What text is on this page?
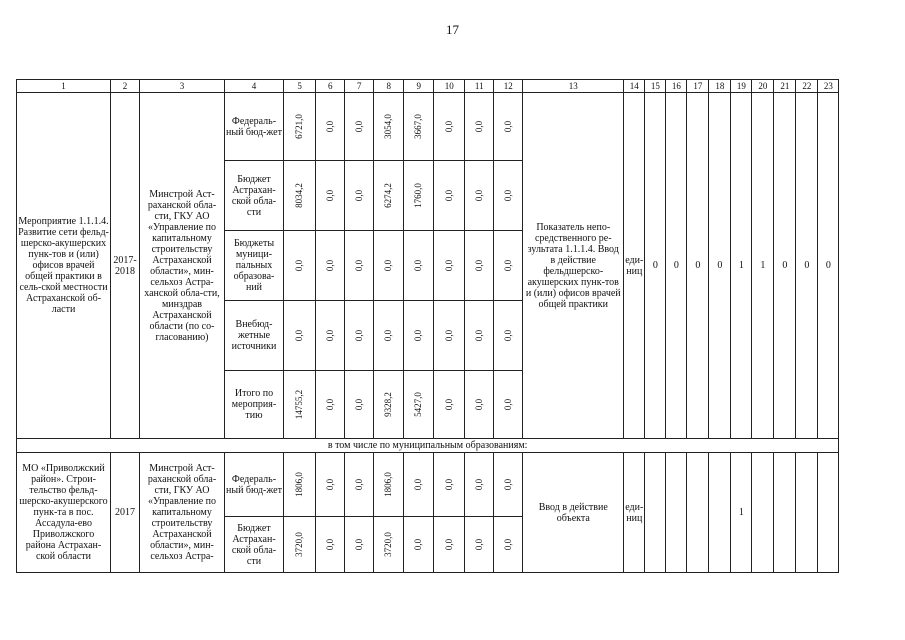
17
1	2	3	4	5	6	7	8	9	10	11	12	13	14	15	16	17	18	19	20	21	22	23
Мероприятие 1.1.1.4. Развитие сети фельд-шерско-акушерских пунк-тов и (или) офисов врачей общей практики в сель-ской местности Астраханской об-ласти	2017-2018	Минстрой Аст-раханской обла-сти, ГКУ АО «Управление по капитальному строительству Астраханской области», мин-сельхоз Астра-ханской обла-сти, минздрав Астраханской области (по со-гласованию)	Федераль-ный бюд-жет	6721,0	0,0	0,0	3054,0	3667,0	0,0	0,0	0,0	Показатель непо-средственного ре-зультата 1.1.1.4. Ввод в действие фельдшерско-акушерских пунк-тов и (или) офисов врачей общей практики	еди-ниц	0	0	0	0	1	1	0	0	0
			Бюджет Астрахан-ской обла-сти	8034,2	0,0	0,0	6274,2	1760,0	0,0	0,0	0,0											
			Бюджеты муници-пальных образова-ний	0,0	0,0	0,0	0,0	0,0	0,0	0,0	0,0											
			Внебюд-жетные источники	0,0	0,0	0,0	0,0	0,0	0,0	0,0	0,0											
			Итого по мероприя-тию	14755,2	0,0	0,0	9328,2	5427,0	0,0	0,0	0,0											
в том числе по муниципальным образованиям:																						
МО «Приволжский район». Строи-тельство фельд-шерско-акушерского пунк-та в пос. Ассадула-ево Приволжского района Астрахан-ской области	2017	Минстрой Аст-раханской обла-сти, ГКУ АО «Управление по капитальному строительству Астраханской области», мин-сельхоз Астра-	Федераль-ный бюд-жет	1806,0	0,0	0,0	1806,0	0,0	0,0	0,0	0,0	Ввод в действие объекта	еди-ниц					1				
			Бюджет Астрахан-ской обла-сти	3720,0	0,0	0,0	3720,0	0,0	0,0	0,0	0,0											
